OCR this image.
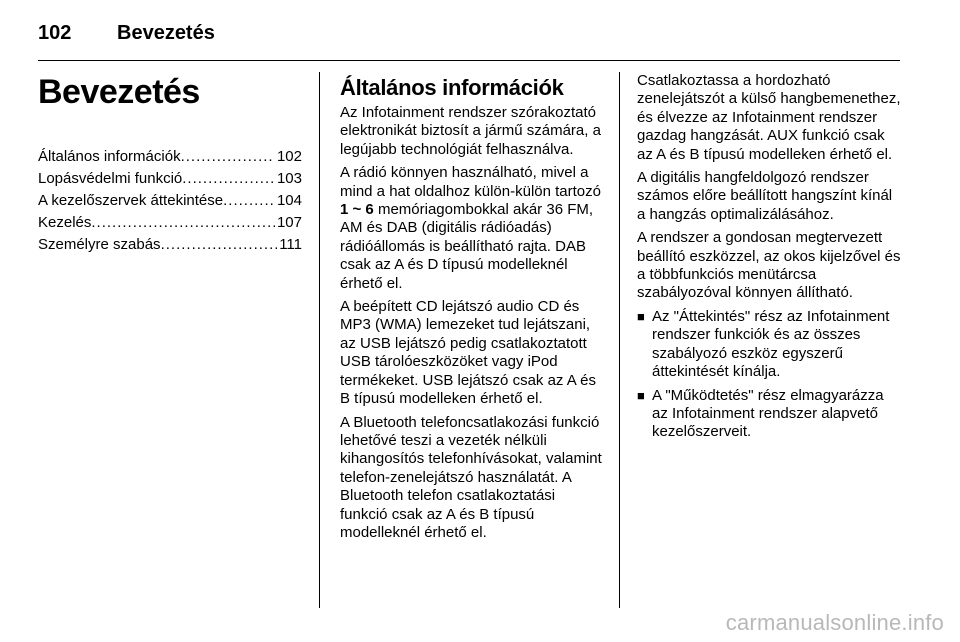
102 Bevezetés
Bevezetés
Általános információk .....	102
Lopásvédelmi funkció .....	103
A kezelőszervek áttekintése .....	104
Kezelés .....	107
Személyre szabás .....	111
Általános információk

Az Infotainment rendszer szórakoztató elektronikát biztosít a jármű számára, a legújabb technológiát felhasználva.

A rádió könnyen használható, mivel a mind a hat oldalhoz külön-külön tartozó 1 ~ 6 memóriagombokkal akár 36 FM, AM és DAB (digitális rádióadás) rádióállomás is beállítható rajta. DAB csak az A és D típusú modelleknél érhető el.

A beépített CD lejátszó audio CD és MP3 (WMA) lemezeket tud lejátszani, az USB lejátszó pedig csatlakoztatott USB tárolóeszközöket vagy iPod termékeket. USB lejátszó csak az A és B típusú modelleken érhető el.

A Bluetooth telefoncsatlakozási funkció lehetővé teszi a vezeték nélküli kihangosítós telefonhívásokat, valamint telefon-zenelejátszó használatát. A Bluetooth telefon csatlakoztatási funkció csak az A és B típusú modelleknél érhető el.

Csatlakoztassa a hordozható zenelejátszót a külső hangbemenethez, és élvezze az Infotainment rendszer gazdag hangzását. AUX funkció csak az A és B típusú modelleken érhető el.

A digitális hangfeldolgozó rendszer számos előre beállított hangszínt kínál a hangzás optimalizálásához.

A rendszer a gondosan megtervezett beállító eszközzel, az okos kijelzővel és a többfunkciós menütárcsa szabályozóval könnyen állítható.

■ Az "Áttekintés" rész az Infotainment rendszer funkciók és az összes szabályozó eszköz egyszerű áttekintését kínálja.
■ A "Működtetés" rész elmagyarázza az Infotainment rendszer alapvető kezelőszerveit.
carmanualsonline.info
